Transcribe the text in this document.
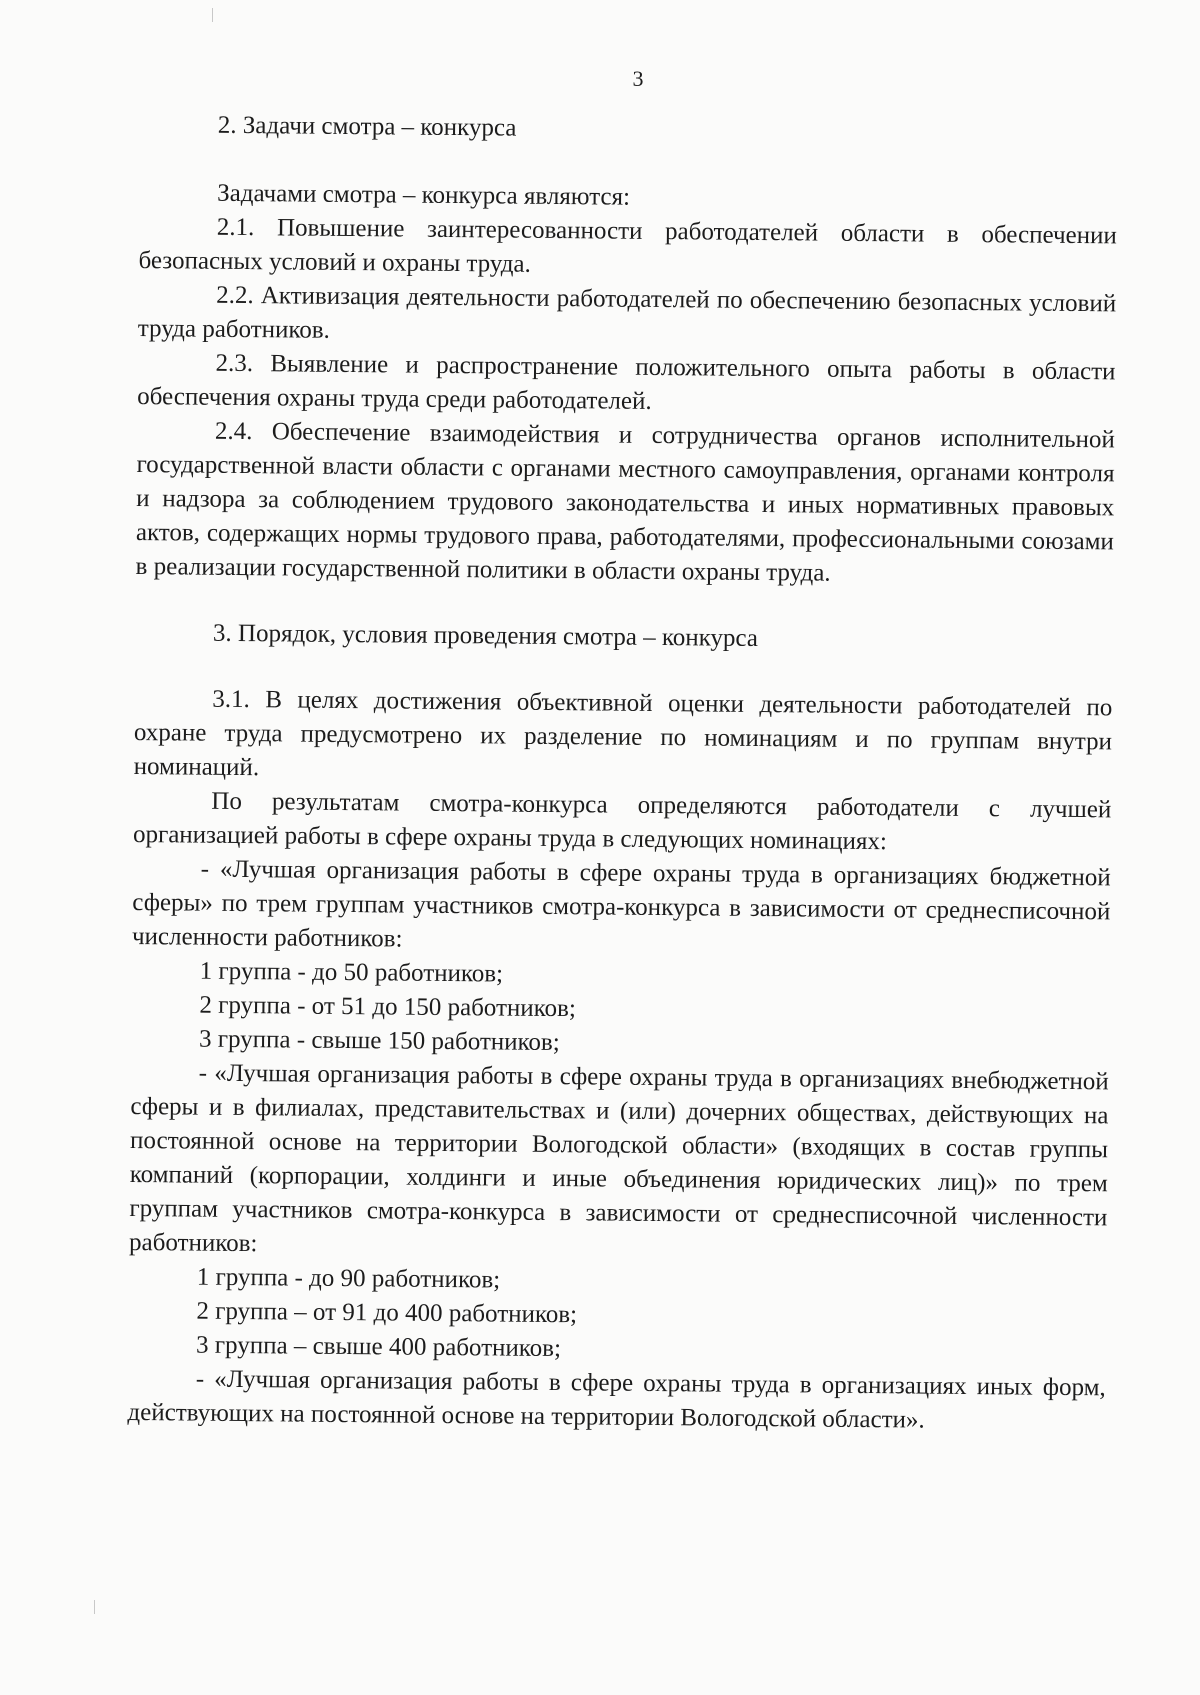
3

2. Задачи смотра – конкурса

Задачами смотра – конкурса являются:

2.1. Повышение заинтересованности работодателей области в обеспечении безопасных условий и охраны труда.

2.2. Активизация деятельности работодателей по обеспечению безопасных условий труда работников.

2.3. Выявление и распространение положительного опыта работы в области обеспечения охраны труда среди работодателей.

2.4. Обеспечение взаимодействия и сотрудничества органов исполнительной государственной власти области с органами местного самоуправления, органами контроля и надзора за соблюдением трудового законодательства и иных нормативных правовых актов, содержащих нормы трудового права, работодателями, профессиональными союзами в реализации государственной политики в области охраны труда.

3. Порядок, условия проведения смотра – конкурса

3.1. В целях достижения объективной оценки деятельности работодателей по охране труда предусмотрено их разделение по номинациям и по группам внутри номинаций.

По результатам смотра-конкурса определяются работодатели с лучшей организацией работы в сфере охраны труда в следующих номинациях:

- «Лучшая организация работы в сфере охраны труда в организациях бюджетной сферы» по трем группам участников смотра-конкурса в зависимости от среднесписочной численности работников:

1 группа - до 50 работников;

2 группа - от 51 до 150 работников;

3 группа - свыше 150 работников;

- «Лучшая организация работы в сфере охраны труда в организациях внебюджетной сферы и в филиалах, представительствах и (или) дочерних обществах, действующих на постоянной основе на территории Вологодской области» (входящих в состав группы компаний (корпорации, холдинги и иные объединения юридических лиц)» по трем группам участников смотра-конкурса в зависимости от среднесписочной численности работников:

1 группа - до 90 работников;

2 группа – от 91 до 400 работников;

3 группа – свыше 400 работников;

- «Лучшая организация работы в сфере охраны труда в организациях иных форм, действующих на постоянной основе на территории Вологодской области».
